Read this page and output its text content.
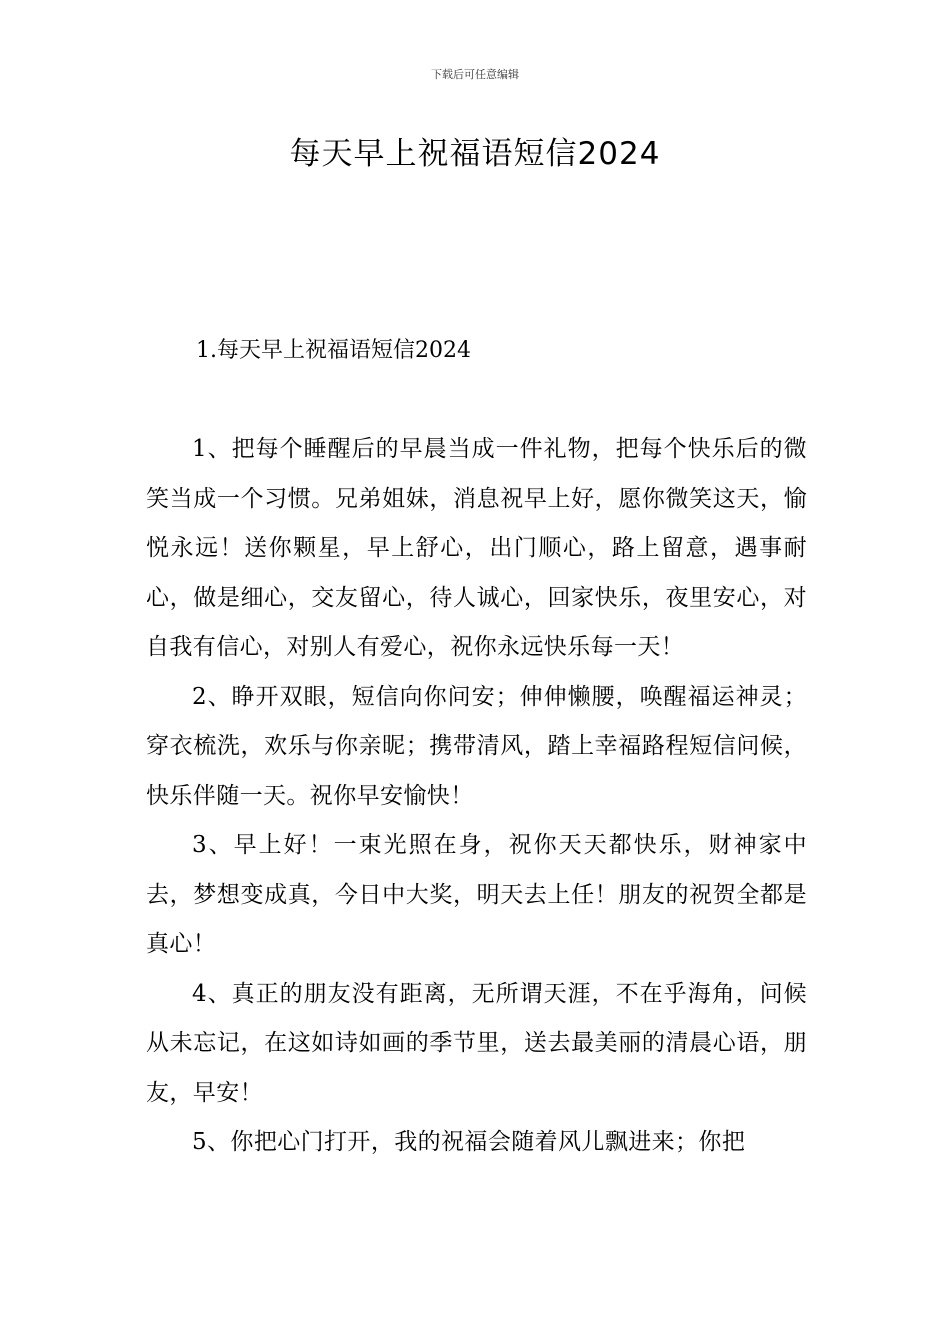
下载后可任意编辑
每天早上祝福语短信2024
1.每天早上祝福语短信2024

1、把每个睡醒后的早晨当成一件礼物，把每个快乐后的微笑当成一个习惯。兄弟姐妹，消息祝早上好，愿你微笑这天，愉悦永远！送你颗星，早上舒心，出门顺心，路上留意，遇事耐心，做是细心，交友留心，待人诚心，回家快乐，夜里安心，对自我有信心，对别人有爱心，祝你永远快乐每一天！

2、睁开双眼，短信向你问安；伸伸懒腰，唤醒福运神灵；穿衣梳洗，欢乐与你亲昵；携带清风，踏上幸福路程短信问候，快乐伴随一天。祝你早安愉快！

3、早上好！一束光照在身，祝你天天都快乐，财神家中去，梦想变成真，今日中大奖，明天去上任！朋友的祝贺全都是真心！

4、真正的朋友没有距离，无所谓天涯，不在乎海角，问候从未忘记，在这如诗如画的季节里，送去最美丽的清晨心语，朋友，早安！

5、你把心门打开，我的祝福会随着风儿飘进来；你把
